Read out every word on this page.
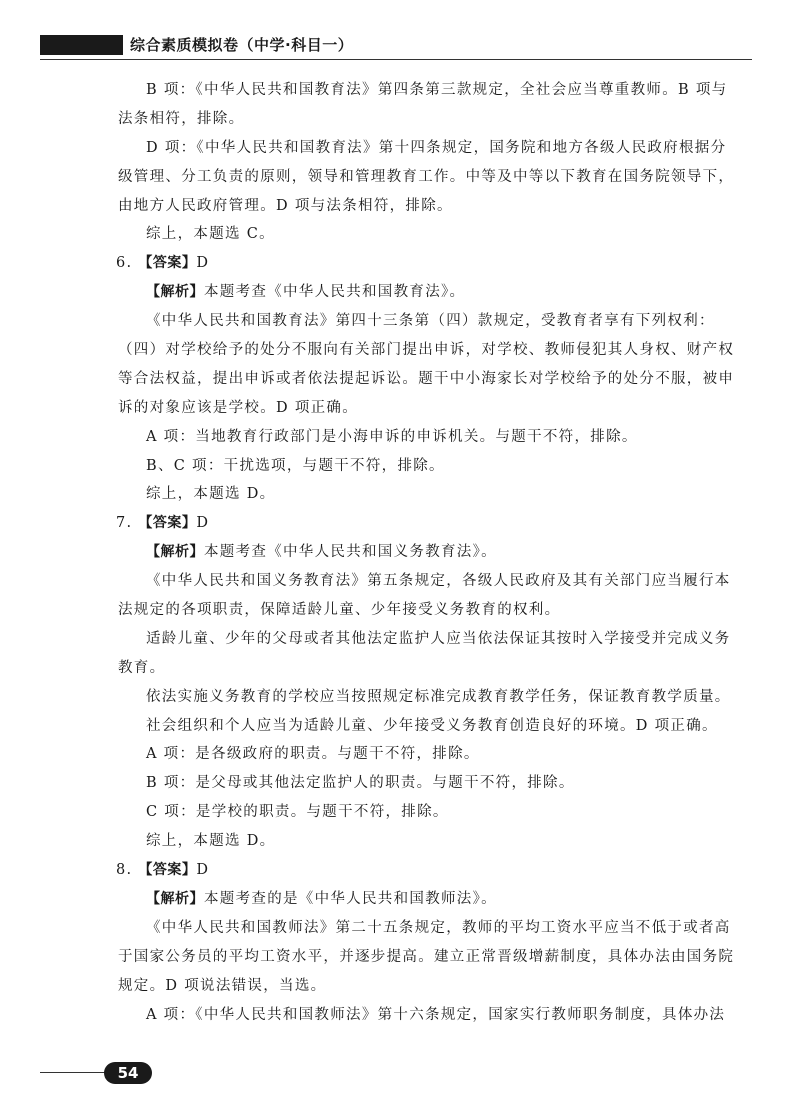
综合素质模拟卷（中学·科目一）
B 项：《中华人民共和国教育法》第四条第三款规定，全社会应当尊重教师。B 项与
法条相符，排除。
D 项：《中华人民共和国教育法》第十四条规定，国务院和地方各级人民政府根据分
级管理、分工负责的原则，领导和管理教育工作。中等及中等以下教育在国务院领导下，
由地方人民政府管理。D 项与法条相符，排除。
综上，本题选 C。
6. 【答案】D
【解析】本题考查《中华人民共和国教育法》。
《中华人民共和国教育法》第四十三条第（四）款规定，受教育者享有下列权利：
（四）对学校给予的处分不服向有关部门提出申诉，对学校、教师侵犯其人身权、财产权
等合法权益，提出申诉或者依法提起诉讼。题干中小海家长对学校给予的处分不服，被申
诉的对象应该是学校。D 项正确。
A 项：当地教育行政部门是小海申诉的申诉机关。与题干不符，排除。
B、C 项：干扰选项，与题干不符，排除。
综上，本题选 D。
7. 【答案】D
【解析】本题考查《中华人民共和国义务教育法》。
《中华人民共和国义务教育法》第五条规定，各级人民政府及其有关部门应当履行本
法规定的各项职责，保障适龄儿童、少年接受义务教育的权利。
适龄儿童、少年的父母或者其他法定监护人应当依法保证其按时入学接受并完成义务
教育。
依法实施义务教育的学校应当按照规定标准完成教育教学任务，保证教育教学质量。
社会组织和个人应当为适龄儿童、少年接受义务教育创造良好的环境。D 项正确。
A 项：是各级政府的职责。与题干不符，排除。
B 项：是父母或其他法定监护人的职责。与题干不符，排除。
C 项：是学校的职责。与题干不符，排除。
综上，本题选 D。
8. 【答案】D
【解析】本题考查的是《中华人民共和国教师法》。
《中华人民共和国教师法》第二十五条规定，教师的平均工资水平应当不低于或者高
于国家公务员的平均工资水平，并逐步提高。建立正常晋级增薪制度，具体办法由国务院
规定。D 项说法错误，当选。
A 项：《中华人民共和国教师法》第十六条规定，国家实行教师职务制度，具体办法
54
